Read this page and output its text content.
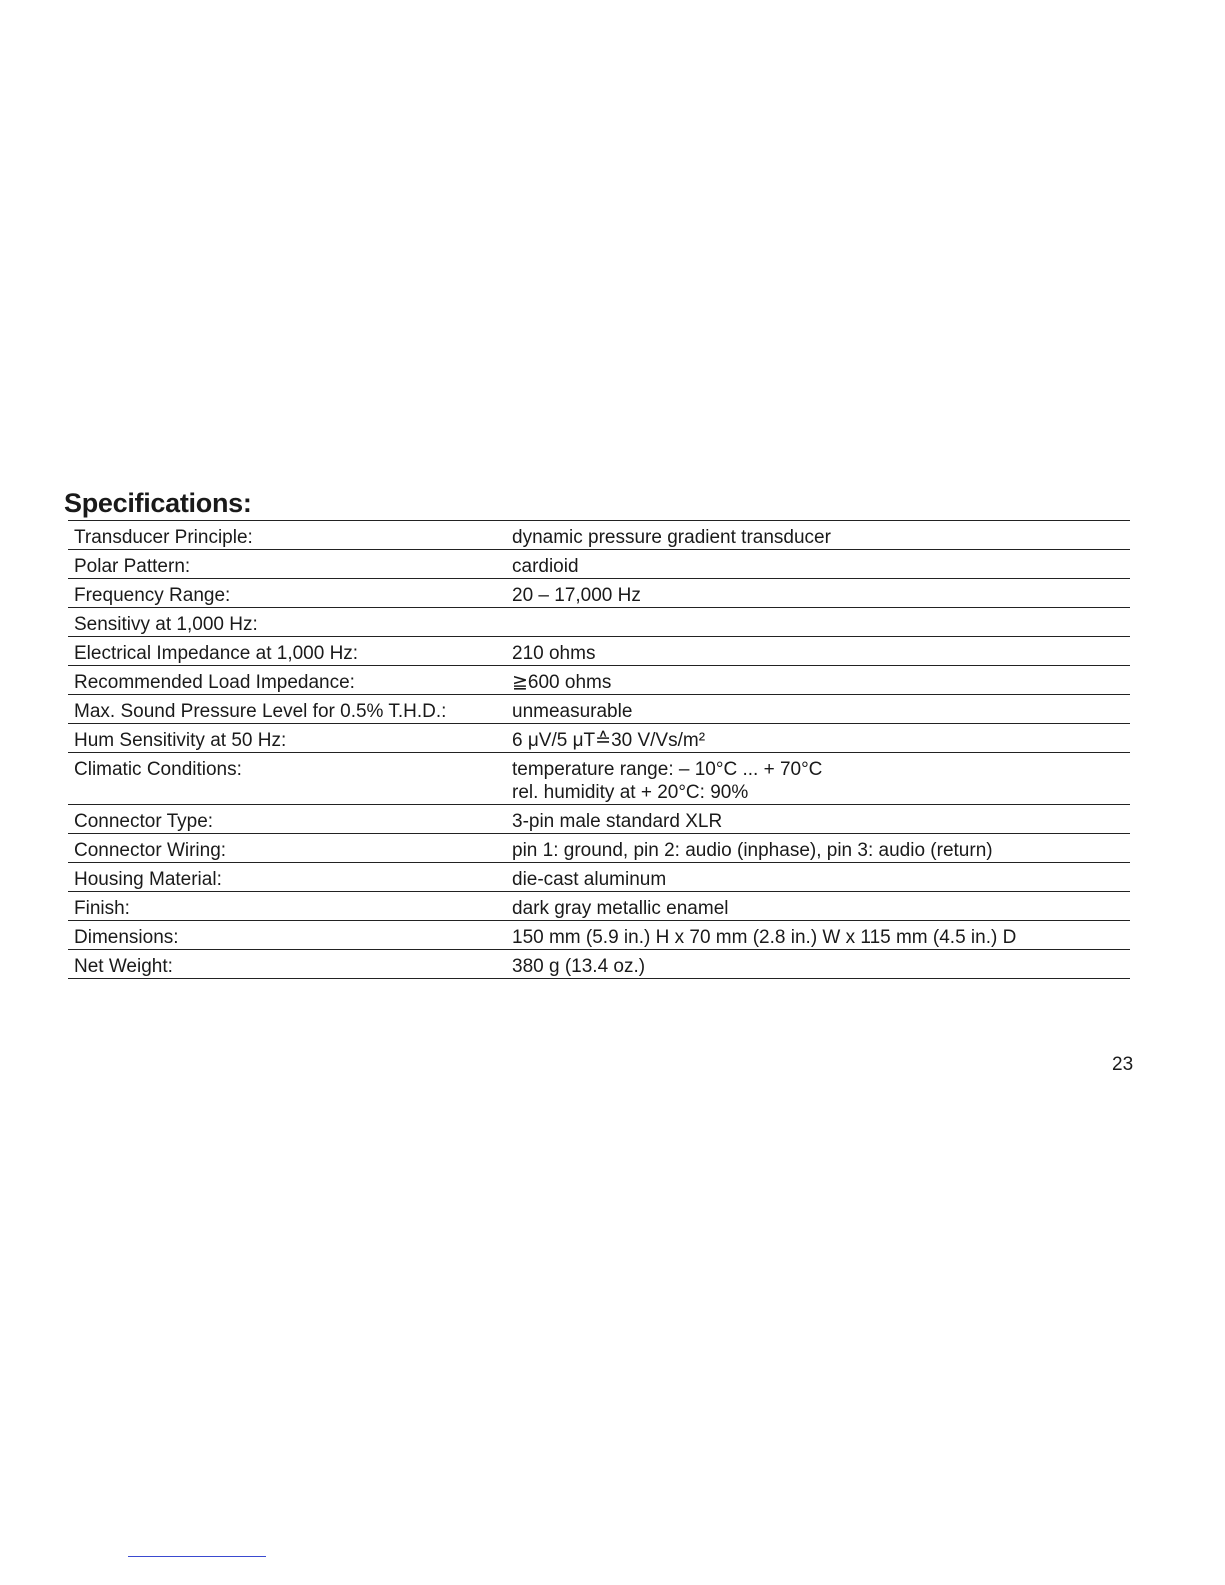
Specifications:
Transducer Principle:	dynamic pressure gradient transducer
Polar Pattern:	cardioid
Frequency Range:	20 – 17,000 Hz
Sensitivy at 1,000 Hz:
Electrical Impedance at 1,000 Hz:	210 ohms
Recommended Load Impedance:	≧600 ohms
Max. Sound Pressure Level for 0.5% T.H.D.:	unmeasurable
Hum Sensitivity at 50 Hz:	6 μV/5 μT≙30 V/Vs/m²
Climatic Conditions:	temperature range: – 10°C ... + 70°C
rel. humidity at + 20°C: 90%
Connector Type:	3-pin male standard XLR
Connector Wiring:	pin 1: ground, pin 2: audio (inphase), pin 3: audio (return)
Housing Material:	die-cast aluminum
Finish:	dark gray metallic enamel
Dimensions:	150 mm (5.9 in.) H x 70 mm (2.8 in.) W x 115 mm (4.5 in.) D
Net Weight:	380 g (13.4 oz.)
23
